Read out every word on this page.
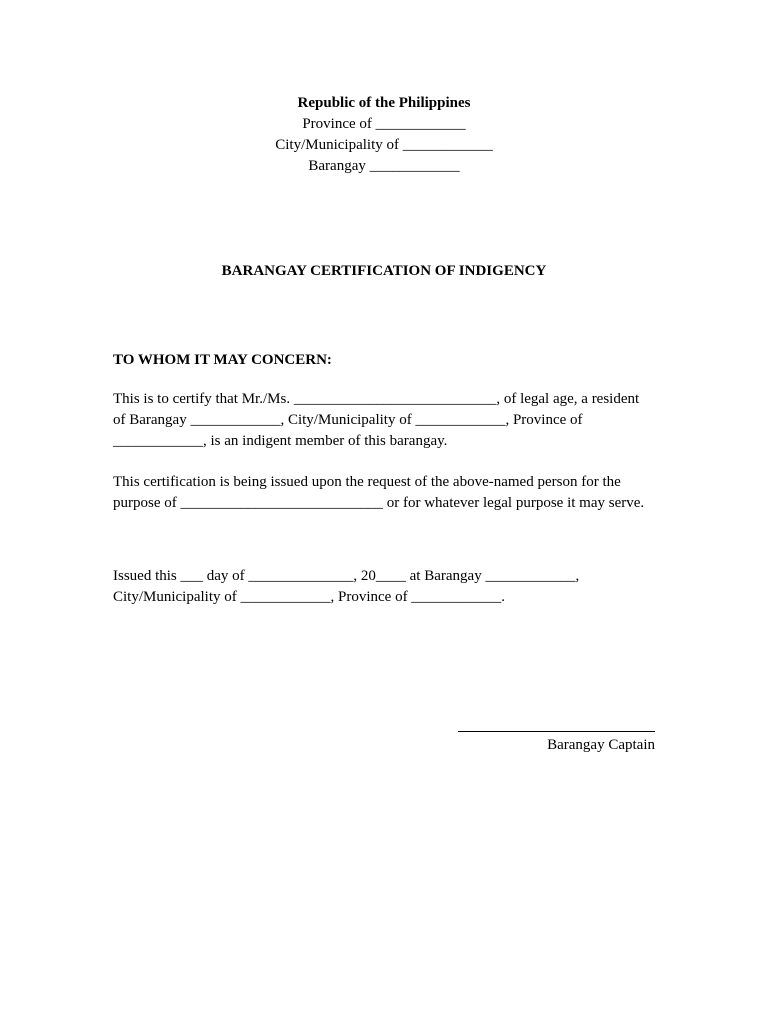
Republic of the Philippines
Province of ____________
City/Municipality of ____________
Barangay ____________
BARANGAY CERTIFICATION OF INDIGENCY
TO WHOM IT MAY CONCERN:
This is to certify that Mr./Ms. ___________________________, of legal age, a resident
of Barangay ____________, City/Municipality of ____________, Province of
____________, is an indigent member of this barangay.
This certification is being issued upon the request of the above-named person for the
purpose of ___________________________ or for whatever legal purpose it may serve.
Issued this ___ day of ______________, 20____ at Barangay ____________,
City/Municipality of ____________, Province of ____________.
Barangay Captain
